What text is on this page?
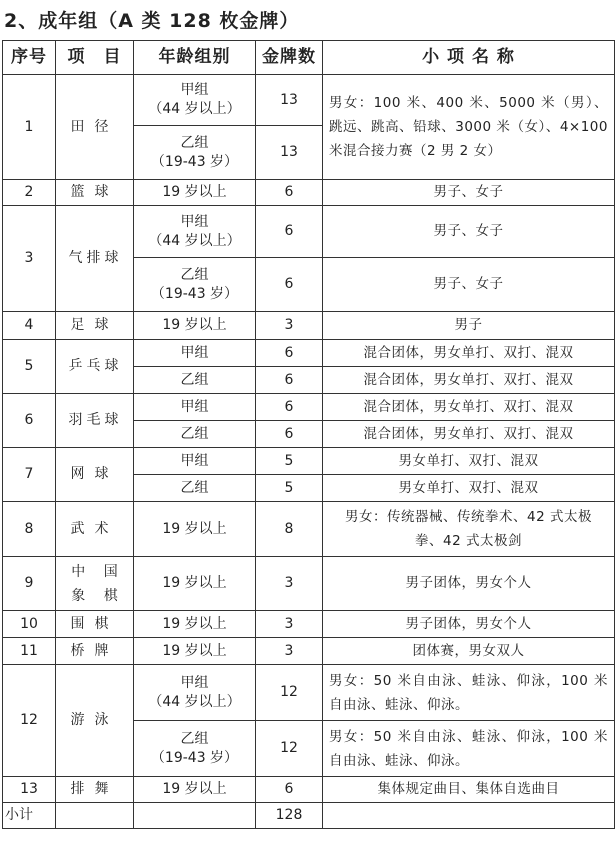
2、成年组（A 类 128 枚金牌）
序号	项　目	年龄组别	金牌数	小 项 名 称
1	田径	甲组
（44 岁以上）	13	男女：100 米、400 米、5000 米（男）、跳远、跳高、铅球、3000 米（女）、4×100 米混合接力赛（2 男 2 女）

		乙组
（19-43 岁）	13	
2	篮球	19 岁以上	6	男子、女子
3	气排球	甲组
（44 岁以上）	6	男子、女子

		乙组
（19-43 岁）	6	男子、女子
4	足球	19 岁以上	3	男子
5	乒乓球	甲组	6	混合团体，男女单打、双打、混双
		乙组	6	混合团体，男女单打、双打、混双
6	羽毛球	甲组	6	混合团体，男女单打、双打、混双
		乙组	6	混合团体，男女单打、双打、混双
7	网球	甲组	5	男女单打、双打、混双
		乙组	5	男女单打、双打、混双
8	武术	19 岁以上	8	男女：传统器械、传统拳术、42 式太极拳、42 式太极剑
9	中 国
象 棋	19 岁以上	3	男子团体，男女个人
10	围棋	19 岁以上	3	男子团体，男女个人
11	桥牌	19 岁以上	3	团体赛，男女双人
12	游泳	甲组
（44 岁以上）	12	男女：50 米自由泳、蛙泳、仰泳，100 米自由泳、蛙泳、仰泳。

		乙组
（19-43 岁）	12	男女：50 米自由泳、蛙泳、仰泳，100 米自由泳、蛙泳、仰泳。
13	排舞	19 岁以上	6	集体规定曲目、集体自选曲目
小计			128	
